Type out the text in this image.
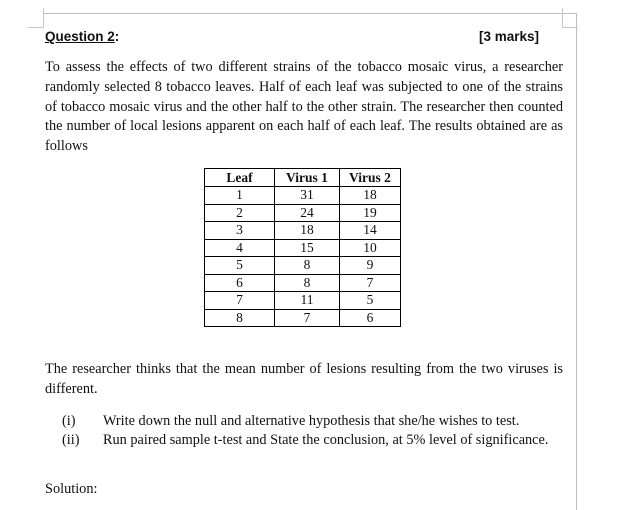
Question 2:	[3 marks]
To assess the effects of two different strains of the tobacco mosaic virus, a researcher randomly selected 8 tobacco leaves. Half of each leaf was subjected to one of the strains of tobacco mosaic virus and the other half to the other strain. The researcher then counted the number of local lesions apparent on each half of each leaf. The results obtained are as follows
Leaf	Virus 1	Virus 2
1	31	18
2	24	19
3	18	14
4	15	10
5	8	9
6	8	7
7	11	5
8	7	6
The researcher thinks that the mean number of lesions resulting from the two viruses is different.
(i)	Write down the null and alternative hypothesis that she/he wishes to test.
(ii)	Run paired sample t-test and State the conclusion, at 5% level of significance.
Solution:
